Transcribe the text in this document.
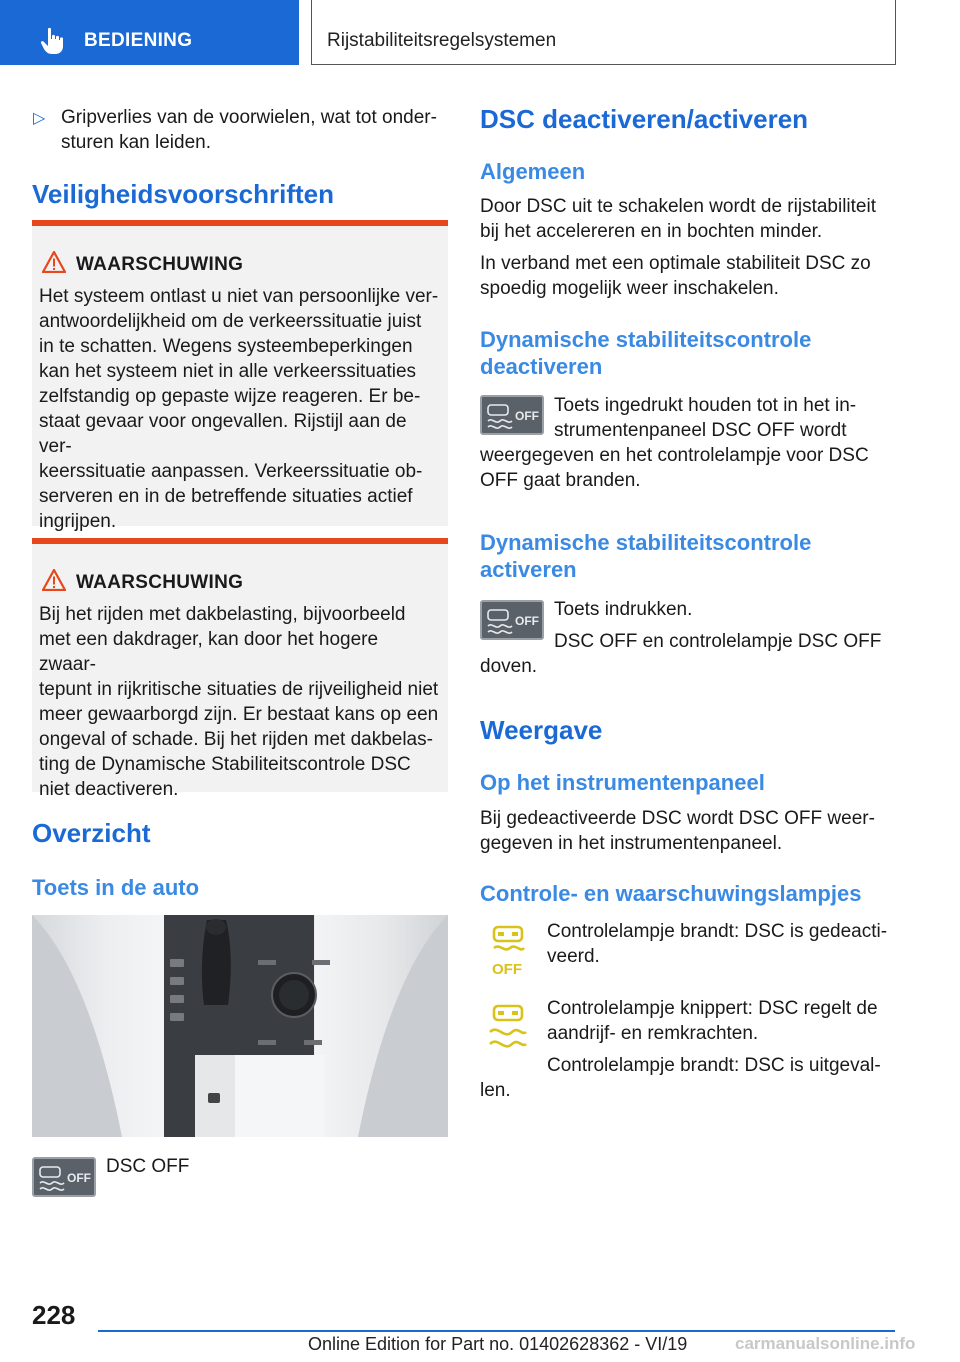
BEDIENING	Rijstabiliteitsregelsystemen
▷ Gripverlies van de voorwielen, wat tot onder-
sturen kan leiden.
Veiligheidsvoorschriften
WAARSCHUWING
Het systeem ontlast u niet van persoonlijke ver-
antwoordelijkheid om de verkeerssituatie juist
in te schatten. Wegens systeembeperkingen
kan het systeem niet in alle verkeerssituaties
zelfstandig op gepaste wijze reageren. Er be-
staat gevaar voor ongevallen. Rijstijl aan de ver-
keerssituatie aanpassen. Verkeerssituatie ob-
serveren en in de betreffende situaties actief
ingrijpen.
WAARSCHUWING
Bij het rijden met dakbelasting, bijvoorbeeld
met een dakdrager, kan door het hogere zwaar-
tepunt in rijkritische situaties de rijveiligheid niet
meer gewaarborgd zijn. Er bestaat kans op een
ongeval of schade. Bij het rijden met dakbelas-
ting de Dynamische Stabiliteitscontrole DSC
niet deactiveren.
Overzicht
Toets in de auto
OFF
DSC OFF
DSC deactiveren/activeren
Algemeen
Door DSC uit te schakelen wordt de rijstabiliteit
bij het accelereren en in bochten minder.
In verband met een optimale stabiliteit DSC zo
spoedig mogelijk weer inschakelen.
Dynamische stabiliteitscontrole
deactiveren
OFF Toets ingedrukt houden tot in het in-
strumentenpaneel DSC OFF wordt
weergegeven en het controlelampje voor DSC
OFF gaat branden.
Dynamische stabiliteitscontrole
activeren
OFF
Toets indrukken.
DSC OFF en controlelampje DSC OFF
doven.
Weergave
Op het instrumentenpaneel
Bij gedeactiveerde DSC wordt DSC OFF weer-
gegeven in het instrumentenpaneel.
Controle- en waarschuwingslampjes
OFF
Controlelampje brandt: DSC is gedeacti-
veerd.
Controlelampje knippert: DSC regelt de
aandrijf- en remkrachten.
Controlelampje brandt: DSC is uitgeval-
len.
228
Online Edition for Part no. 01402628362 - VI/19	carmanualsonline.info
